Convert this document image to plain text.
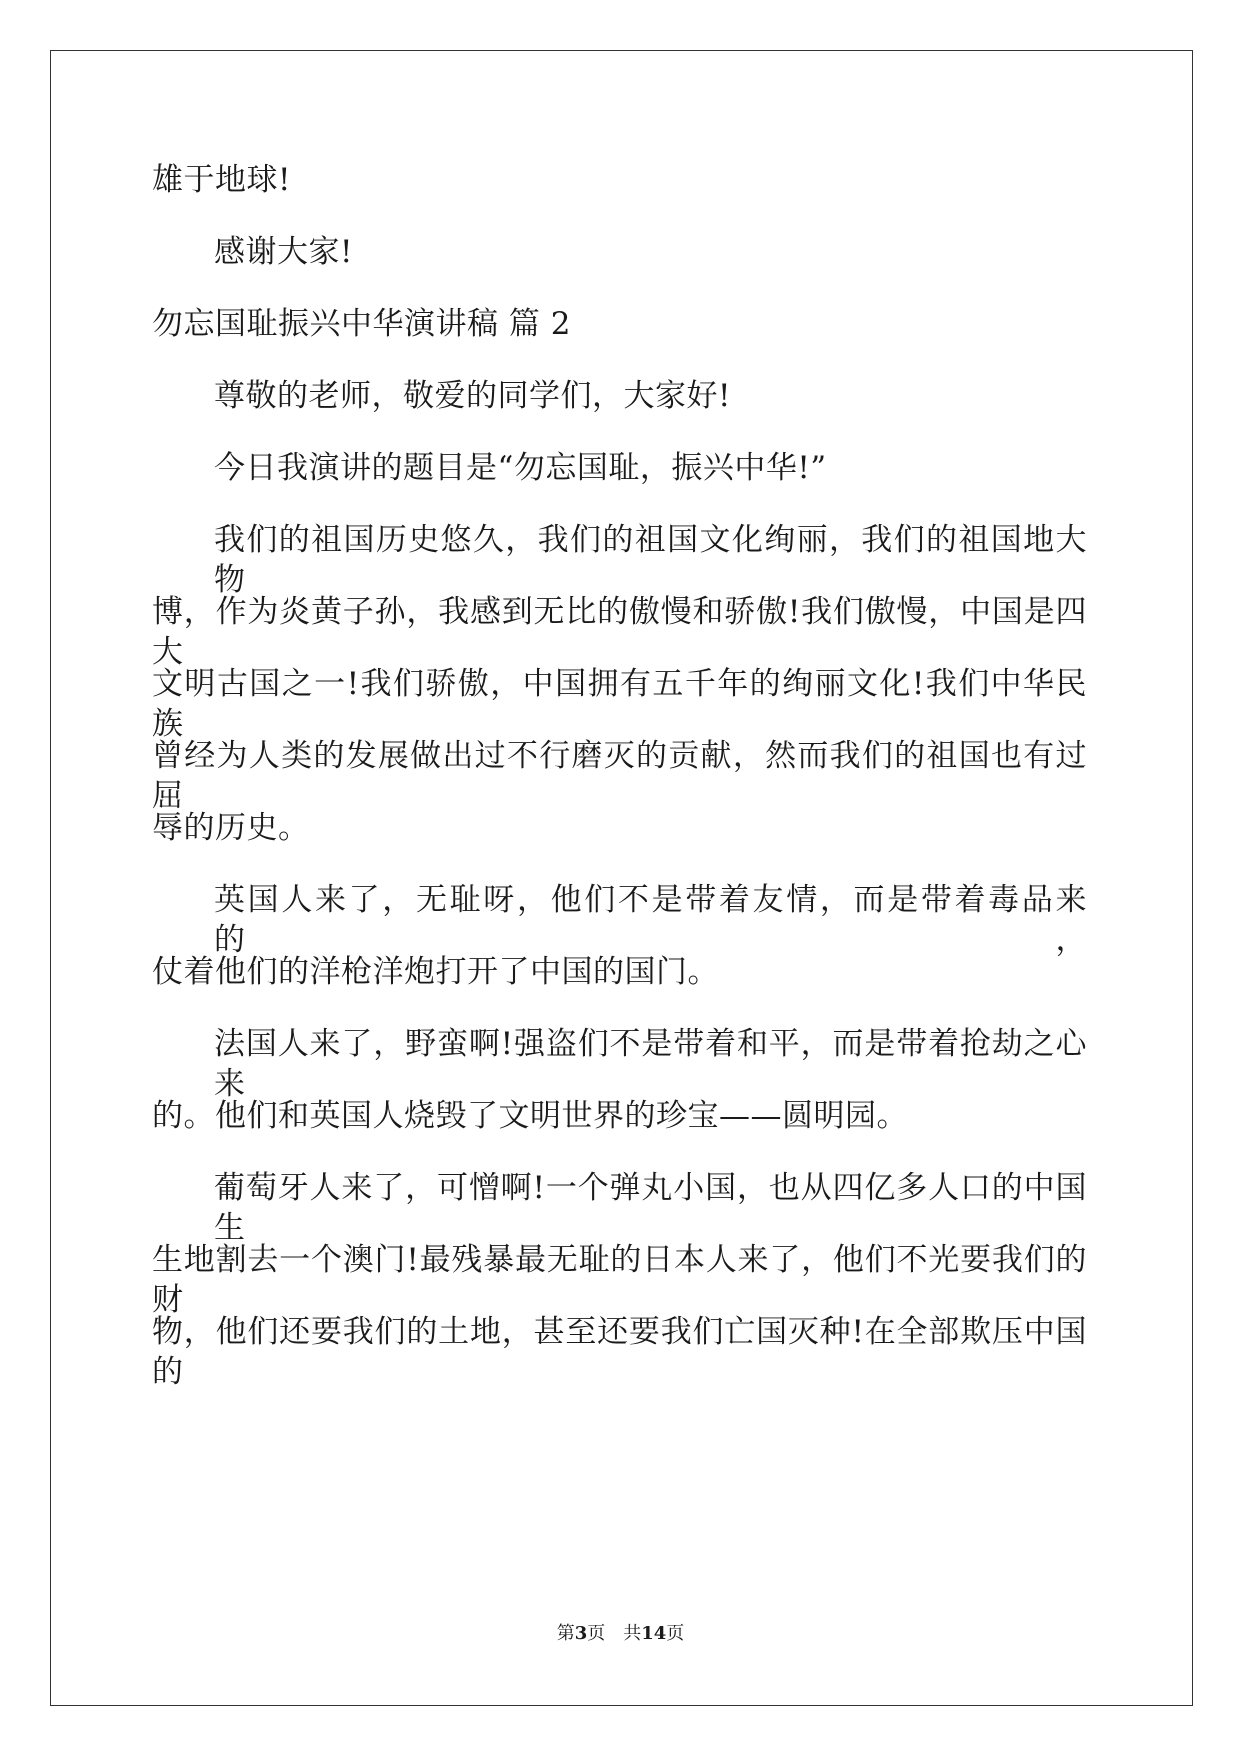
雄于地球!

感谢大家!

勿忘国耻振兴中华演讲稿 篇 2

尊敬的老师，敬爱的同学们，大家好!

今日我演讲的题目是“勿忘国耻，振兴中华!”

我们的祖国历史悠久，我们的祖国文化绚丽，我们的祖国地大物

博，作为炎黄子孙，我感到无比的傲慢和骄傲!我们傲慢，中国是四大

文明古国之一!我们骄傲，中国拥有五千年的绚丽文化!我们中华民族

曾经为人类的发展做出过不行磨灭的贡献，然而我们的祖国也有过屈

辱的历史。

英国人来了，无耻呀，他们不是带着友情，而是带着毒品来的，

仗着他们的洋枪洋炮打开了中国的国门。

法国人来了，野蛮啊!强盗们不是带着和平，而是带着抢劫之心来

的。他们和英国人烧毁了文明世界的珍宝——圆明园。

葡萄牙人来了，可憎啊!一个弹丸小国，也从四亿多人口的中国生

生地割去一个澳门!最残暴最无耻的日本人来了，他们不光要我们的财

物，他们还要我们的土地，甚至还要我们亡国灭种!在全部欺压中国的

第3页 共14页
